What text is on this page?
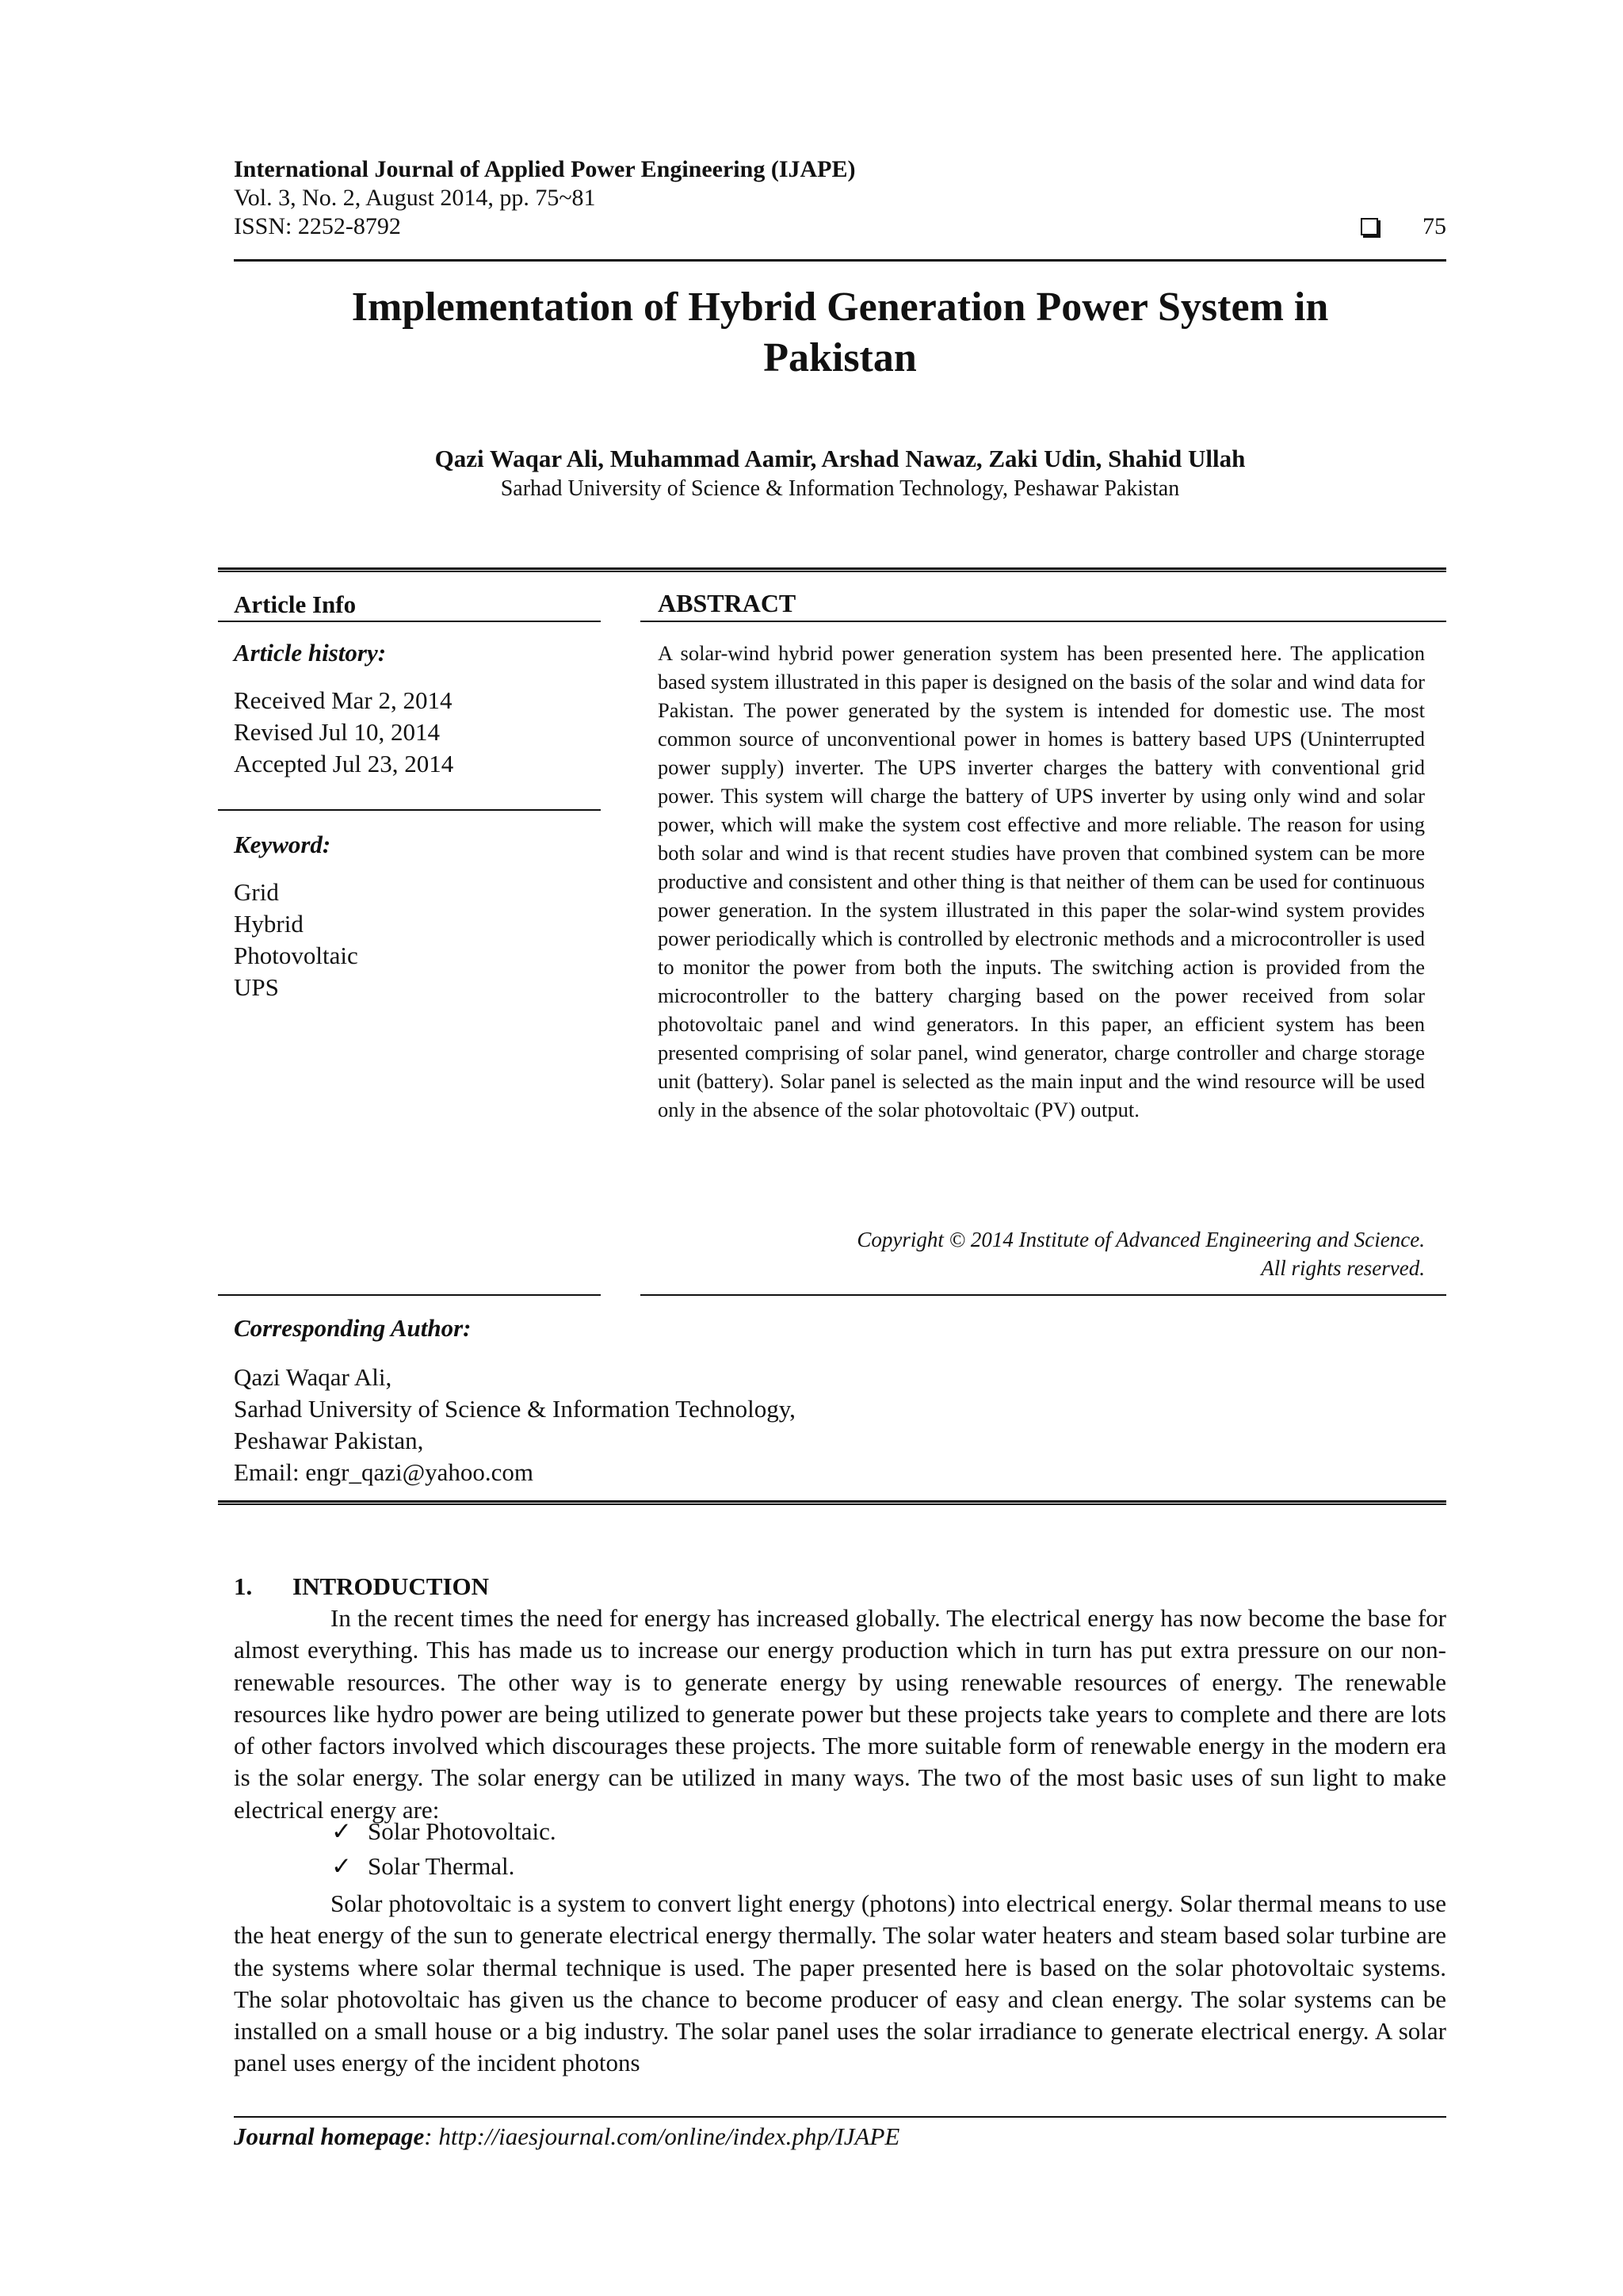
International Journal of Applied Power Engineering (IJAPE)
Vol. 3, No. 2, August 2014, pp. 75~81
ISSN: 2252-8792	75
Implementation of Hybrid Generation Power System in
Pakistan
Qazi Waqar Ali, Muhammad Aamir, Arshad Nawaz, Zaki Udin, Shahid Ullah
Sarhad University of Science & Information Technology, Peshawar Pakistan
Article Info	ABSTRACT
Article history:
Received Mar 2, 2014
Revised Jul 10, 2014
Accepted Jul 23, 2014
Keyword:
Grid
Hybrid
Photovoltaic
UPS
A solar-wind hybrid power generation system has been presented here. The application based system illustrated in this paper is designed on the basis of the solar and wind data for Pakistan. The power generated by the system is intended for domestic use. The most common source of unconventional power in homes is battery based UPS (Uninterrupted power supply) inverter. The UPS inverter charges the battery with conventional grid power. This system will charge the battery of UPS inverter by using only wind and solar power, which will make the system cost effective and more reliable. The reason for using both solar and wind is that recent studies have proven that combined system can be more productive and consistent and other thing is that neither of them can be used for continuous power generation. In the system illustrated in this paper the solar-wind system provides power periodically which is controlled by electronic methods and a microcontroller is used to monitor the power from both the inputs. The switching action is provided from the microcontroller to the battery charging based on the power received from solar photovoltaic panel and wind generators. In this paper, an efficient system has been presented comprising of solar panel, wind generator, charge controller and charge storage unit (battery). Solar panel is selected as the main input and the wind resource will be used only in the absence of the solar photovoltaic (PV) output.
Copyright © 2014 Institute of Advanced Engineering and Science.
All rights reserved.
Corresponding Author:
Qazi Waqar Ali,
Sarhad University of Science & Information Technology,
Peshawar Pakistan,
Email: engr_qazi@yahoo.com
1. INTRODUCTION
In the recent times the need for energy has increased globally. The electrical energy has now become the base for almost everything. This has made us to increase our energy production which in turn has put extra pressure on our non-renewable resources. The other way is to generate energy by using renewable resources of energy. The renewable resources like hydro power are being utilized to generate power but these projects take years to complete and there are lots of other factors involved which discourages these projects. The more suitable form of renewable energy in the modern era is the solar energy. The solar energy can be utilized in many ways. The two of the most basic uses of sun light to make electrical energy are:
✓ Solar Photovoltaic.
✓ Solar Thermal.
Solar photovoltaic is a system to convert light energy (photons) into electrical energy. Solar thermal means to use the heat energy of the sun to generate electrical energy thermally. The solar water heaters and steam based solar turbine are the systems where solar thermal technique is used. The paper presented here is based on the solar photovoltaic systems. The solar photovoltaic has given us the chance to become producer of easy and clean energy. The solar systems can be installed on a small house or a big industry. The solar panel uses the solar irradiance to generate electrical energy. A solar panel uses energy of the incident photons
Journal homepage: http://iaesjournal.com/online/index.php/IJAPE
